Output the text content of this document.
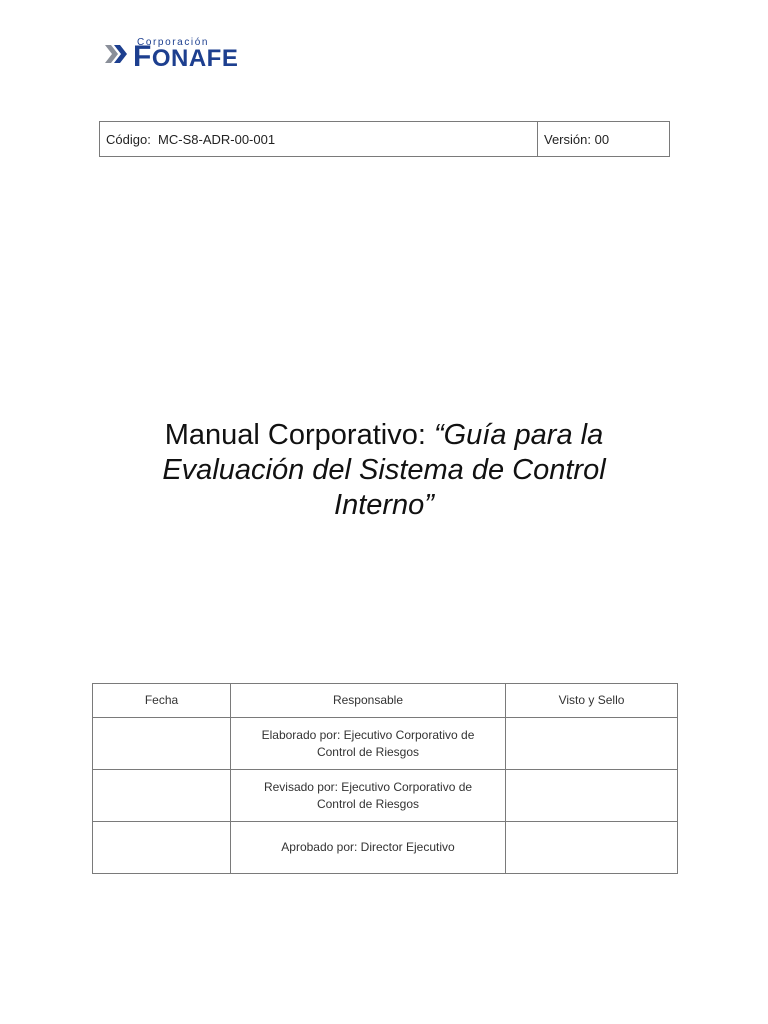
Corporación
FONAFE
Código: MC-S8-ADR-00-001	Versión: 00
Manual Corporativo: “Guía para la Evaluación del Sistema de Control Interno”
Fecha	Responsable	Visto y Sello
	Elaborado por: Ejecutivo Corporativo de Control de Riesgos	
	Revisado por: Ejecutivo Corporativo de Control de Riesgos	
	Aprobado por: Director Ejecutivo	
